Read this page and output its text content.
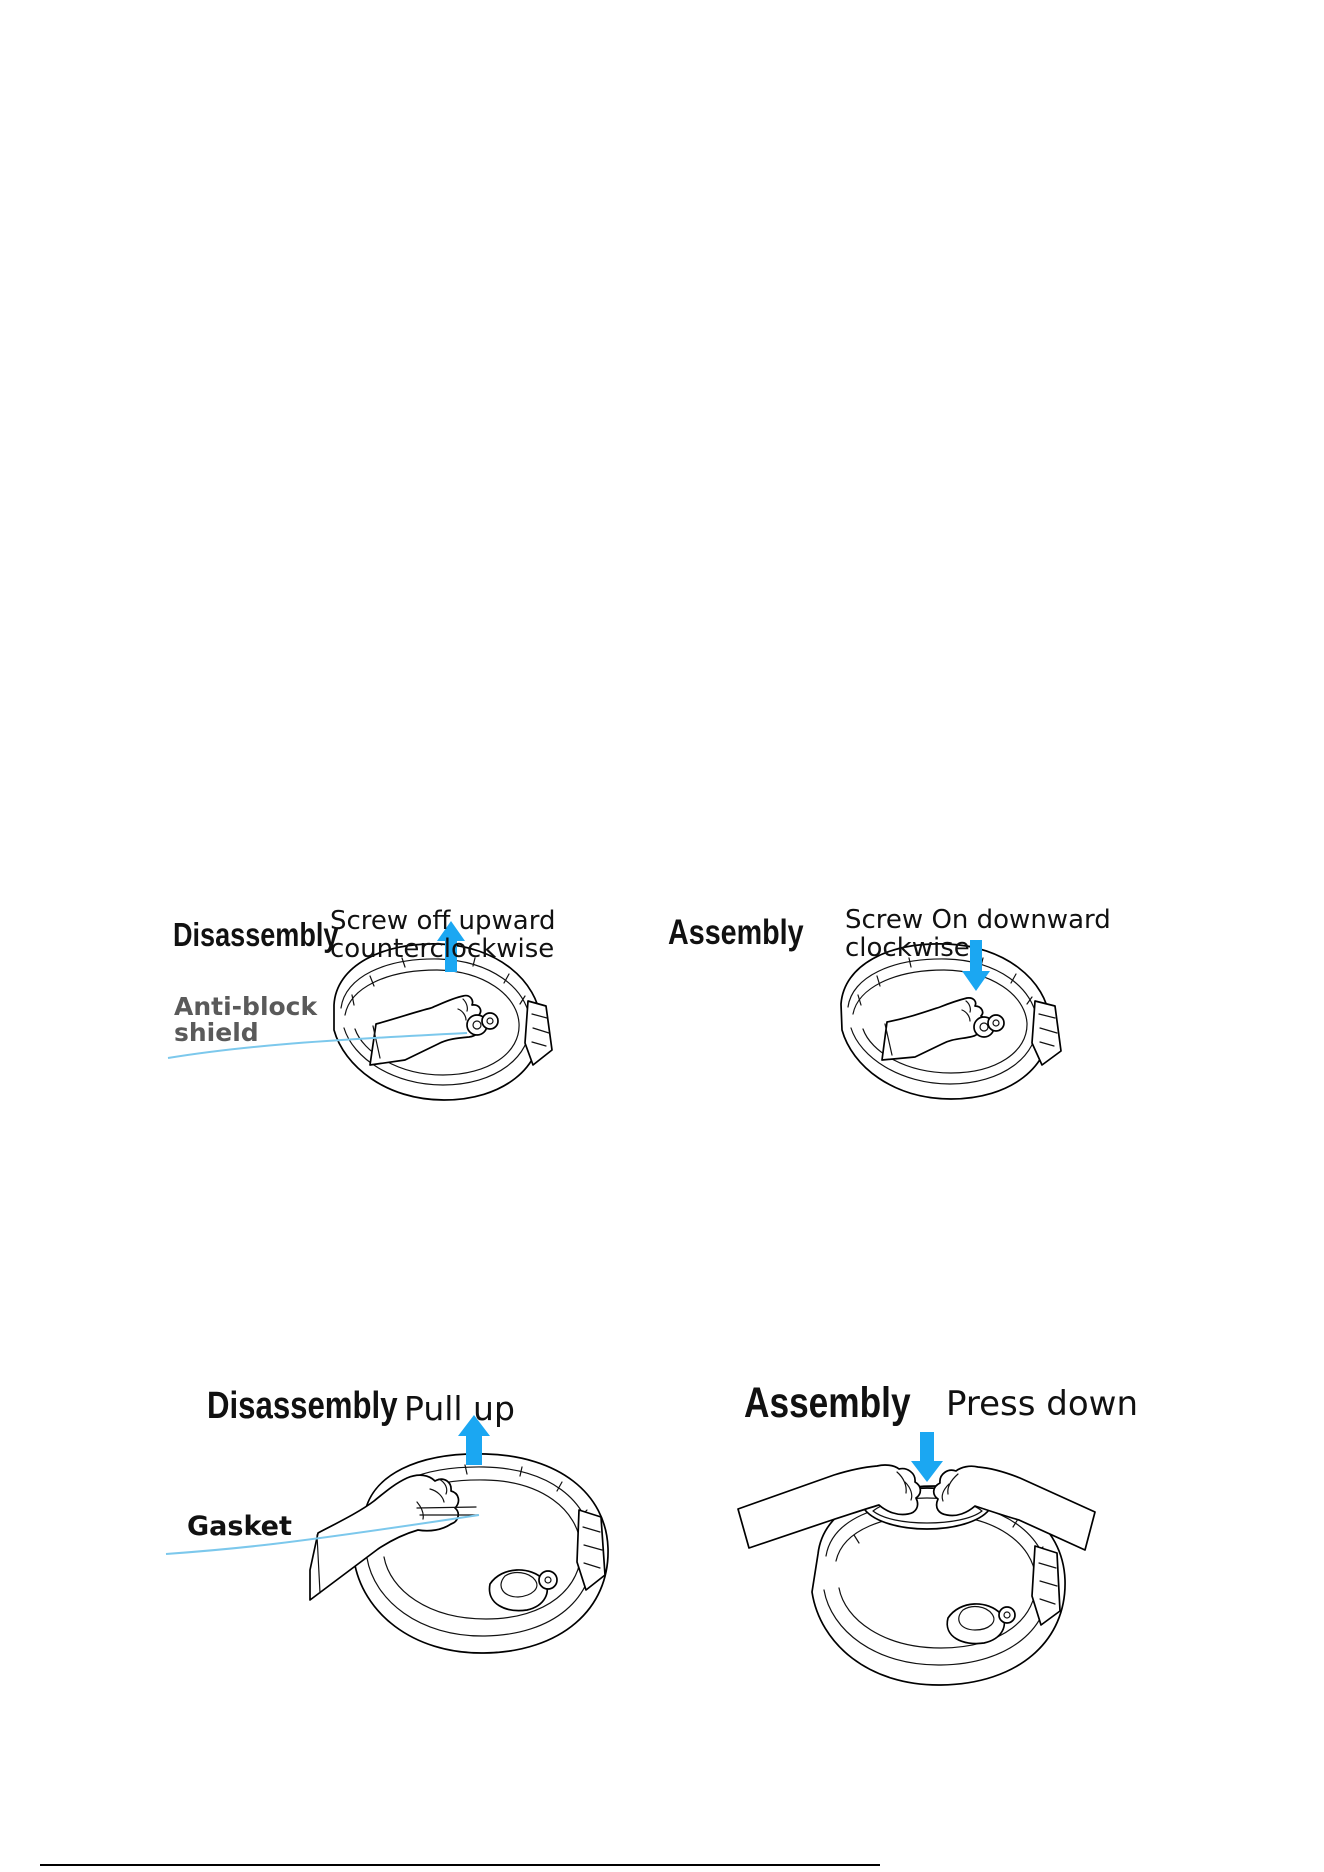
Disassembly
Screw off upward
counterclockwise
Anti-block
shield
Assembly Screw On downward
clockwise
Disassembly Pull up
Gasket
Assembly Press down
